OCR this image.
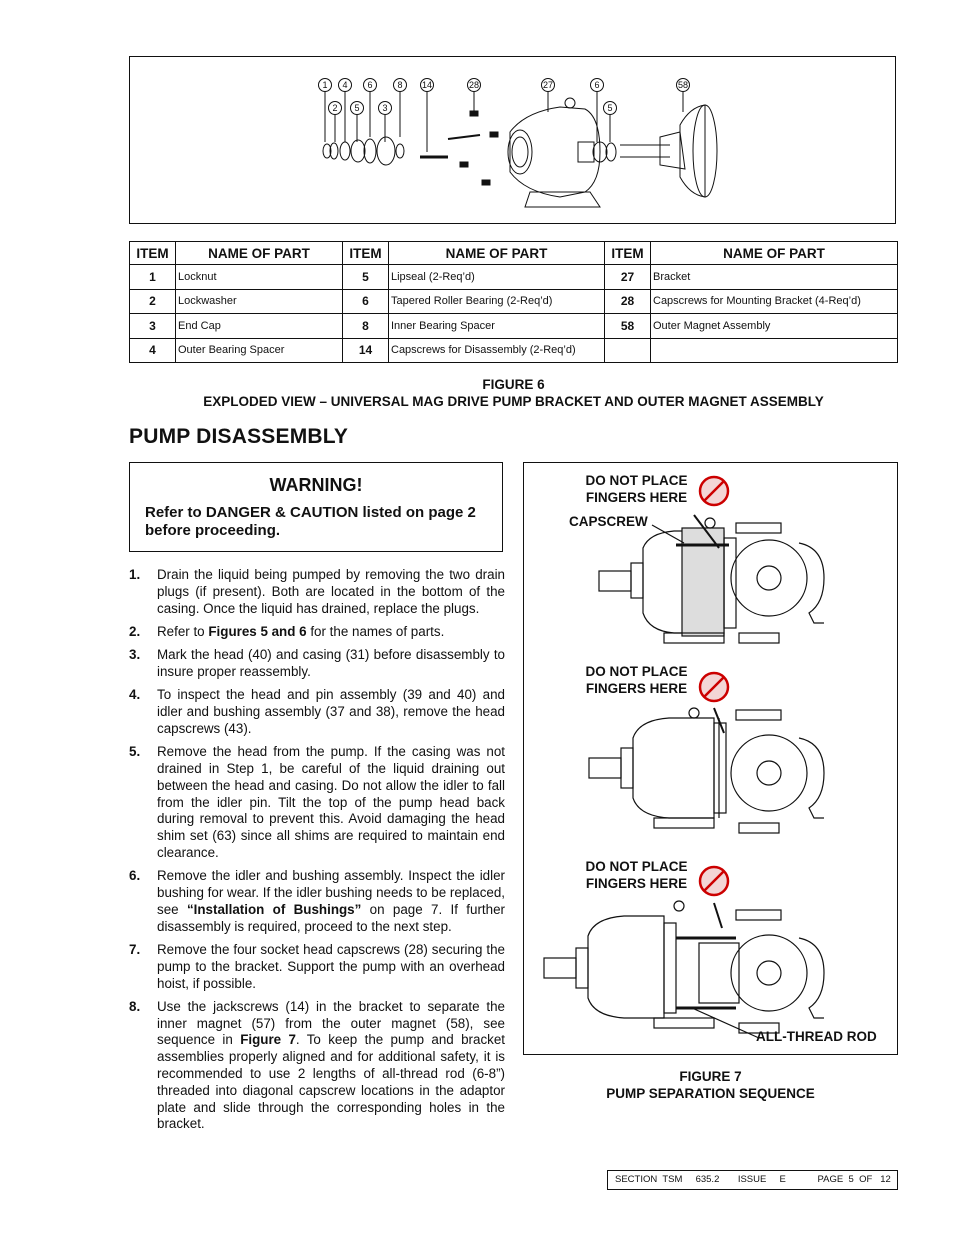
1 4 6	8 14	28	27	6	58
2 5	3	5
ITEM	NAME OF PART	ITEM	NAME OF PART	ITEM	NAME OF PART
1	Locknut	5	Lipseal (2-Req’d)	27	Bracket
2	Lockwasher	6	Tapered Roller Bearing (2-Req’d)	28	Capscrews for Mounting Bracket (4-Req’d)
3	End Cap	8	Inner Bearing Spacer	58	Outer Magnet Assembly
4	Outer Bearing Spacer	14	Capscrews for Disassembly (2-Req’d)		
FIGURE 6
EXPLODED VIEW – UNIVERSAL MAG DRIVE PUMP BRACKET AND OUTER MAGNET ASSEMBLY
PUMP DISASSEMBLY
WARNING!
Refer to DANGER & CAUTION listed on page 2 before proceeding.
1. Drain the liquid being pumped by removing the two drain plugs (if present). Both are located in the bottom of the casing. Once the liquid has drained, replace the plugs.
2. Refer to Figures 5 and 6 for the names of parts.
3. Mark the head (40) and casing (31) before disassembly to insure proper reassembly.
4. To inspect the head and pin assembly (39 and 40) and idler and bushing assembly (37 and 38), remove the head capscrews (43).
5. Remove the head from the pump. If the casing was not drained in Step 1, be careful of the liquid draining out between the head and casing. Do not allow the idler to fall from the idler pin. Tilt the top of the pump head back during removal to prevent this. Avoid damaging the head shim set (63) since all shims are required to maintain end clearance.
6. Remove the idler and bushing assembly. Inspect the idler bushing for wear. If the idler bushing needs to be replaced, see “Installation of Bushings” on page 7. If further disassembly is required, proceed to the next step.
7. Remove the four socket head capscrews (28) securing the pump to the bracket. Support the pump with an overhead hoist, if possible.
8. Use the jackscrews (14) in the bracket to separate the inner magnet (57) from the outer magnet (58), see sequence in Figure 7. To keep the pump and bracket assemblies properly aligned and for additional safety, it is recommended to use 2 lengths of all-thread rod (6-8”) threaded into diagonal capscrew locations in the adaptor plate and slide through the corresponding holes in the bracket.
DO NOT PLACE FINGERS HERE
CAPSCREW
DO NOT PLACE FINGERS HERE
DO NOT PLACE FINGERS HERE
ALL-THREAD ROD
FIGURE 7
PUMP SEPARATION SEQUENCE
SECTION  TSM     635.2       ISSUE     E            PAGE  5  OF   12
